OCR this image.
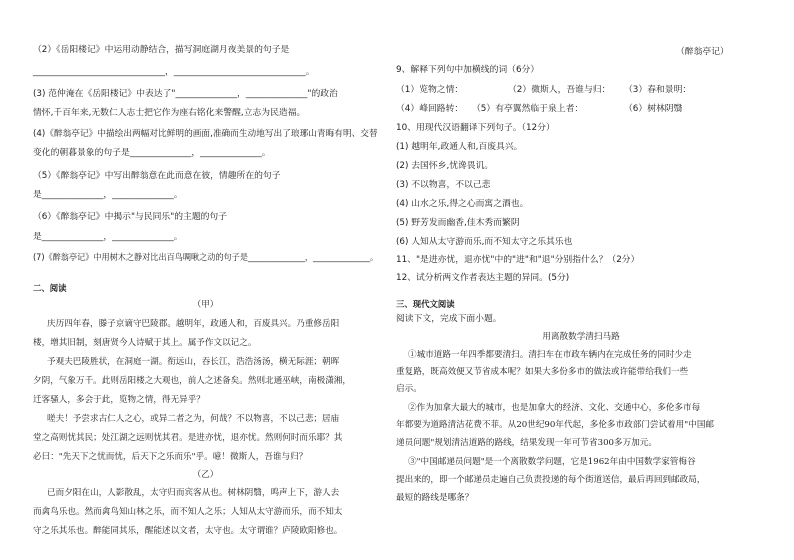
（2）《岳阳楼记》中运用动静结合，描写洞庭湖月夜美景的句子是
______________________________，______________________________。
(3) 范仲淹在《岳阳楼记》中表达了"______________，______________"的政治
情怀,千百年来,无数仁人志士把它作为座右铭化来警醒,立志为民造福。
(4)《醉翁亭记》中描绘出两幅对比鲜明的画面,准确而生动地写出了琅琊山青晦有明、交替
变化的朝暮景象的句子是______________，______________。
（5）《醉翁亭记》中写出醉翁意在此而意在彼，情趣所在的句子
是______________，______________。
（6）《醉翁亭记》中揭示"与民同乐"的主题的句子
是______________，______________。
(7)《醉翁亭记》中用树木之静对比出百鸟啁啾之动的句子是______________，______________。
二、阅读
（甲）
庆历四年春，滕子京谪守巴陵郡。越明年，政通人和，百废具兴。乃重修岳阳
楼，增其旧制，刻唐贤今人诗赋于其上。属予作文以记之。
予观夫巴陵胜状，在洞庭一湖。衔远山，吞长江，浩浩汤汤，横无际涯；朝晖
夕阴，气象万千。此则岳阳楼之大观也，前人之述备矣。然则北通巫峡，南极潇湘，
迁客骚人，多会于此，览物之情，得无异乎？
嗟夫！予尝求古仁人之心，或异二者之为，何哉？不以物喜，不以己悲；居庙
堂之高则忧其民；处江湖之远则忧其君。是进亦忧，退亦忧。然则何时而乐耶？其
必曰："先天下之忧而忧，后天下之乐而乐"乎。噫！微斯人，吾谁与归？
（乙）
已而夕阳在山，人影散乱，太守归而宾客从也。树林阴翳，鸣声上下，游人去
而禽鸟乐也。然而禽鸟知山林之乐，而不知人之乐；人知从太守游而乐，而不知太
守之乐其乐也。醉能同其乐，醒能述以文者，太守也。太守谓谁？庐陵欧阳修也。
（醉翁亭记）
9、解释下列句中加横线的词（6分）
（1）览物之情：	（2）微斯人，吾谁与归： （3）春和景明：
（4）峰回路转： （5）有亭翼然临于泉上者：	（6）树林阴翳
10、用现代汉语翻译下列句子。（12分）
(1) 越明年,政通人和,百废具兴。
(2) 去国怀乡,忧谗畏讥。
(3) 不以物喜，不以己悲
(4) 山水之乐,得之心而寓之酒也。
(5) 野芳发而幽香,佳木秀而繁阴
(6) 人知从太守游而乐,而不知太守之乐其乐也
11、"是进亦忧，退亦忧"中的"进"和"退"分别指什么？（2分）
12、试分析两文作者表达主题的异同。(5分)
三、现代文阅读
阅读下文，完成下面小题。
用离散数学清扫马路
①城市道路一年四季都要清扫。清扫车在市政车辆内在完成任务的同时少走
重复路，既高效便又节省成本呢？如果大多份多市的做法或许能带给我们一些
启示。
②作为加拿大最大的城市，也是加拿大的经济、文化、交通中心，多伦多市每
年都要为道路清洁花费不菲。从20世纪90年代起，多伦多市政部门尝试着用"中国邮
递员问题"规划清洁道路的路线，结果发现一年可节省300多万加元。
③"中国邮递员问题"是一个离散数学问题，它是1962年由中国数学家管梅谷
提出来的，即一个邮递员走遍自己负责投递的每个街道送信，最后再回到邮政局，
最短的路线是哪条？
